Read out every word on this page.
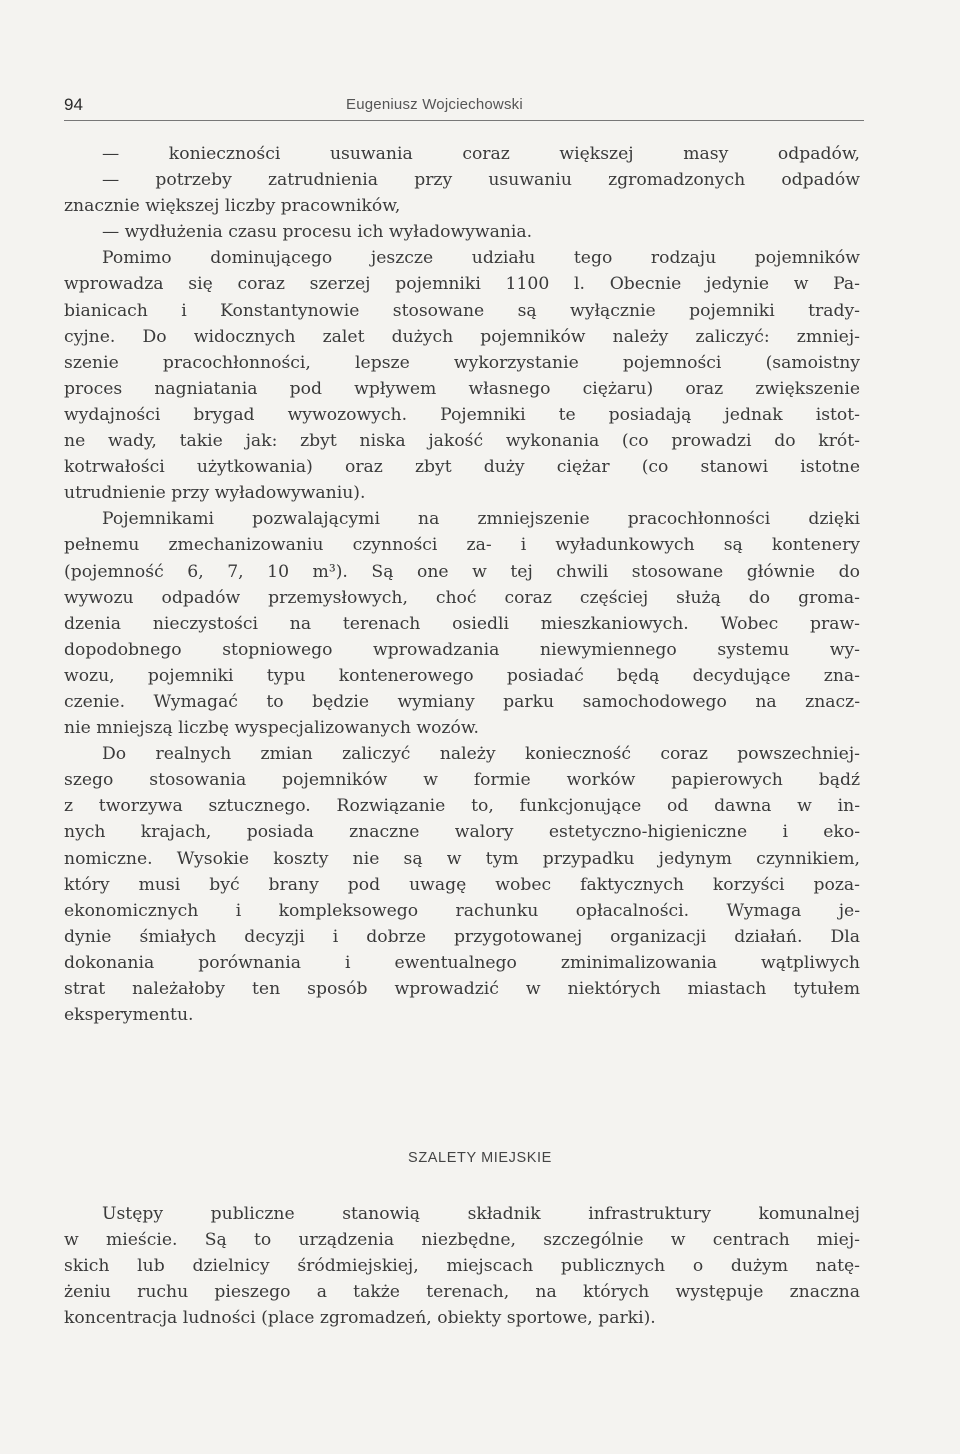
94	Eugeniusz Wojciechowski
— konieczności usuwania coraz większej masy odpadów,
— potrzeby zatrudnienia przy usuwaniu zgromadzonych odpadów
znacznie większej liczby pracowników,
— wydłużenia czasu procesu ich wyładowywania.
Pomimo dominującego jeszcze udziału tego rodzaju pojemników
wprowadza się coraz szerzej pojemniki 1100 l. Obecnie jedynie w Pa-
bianicach i Konstantynowie stosowane są wyłącznie pojemniki trady-
cyjne. Do widocznych zalet dużych pojemników należy zaliczyć: zmniej-
szenie pracochłonności, lepsze wykorzystanie pojemności (samoistny
proces nagniatania pod wpływem własnego ciężaru) oraz zwiększenie
wydajności brygad wywozowych. Pojemniki te posiadają jednak istot-
ne wady, takie jak: zbyt niska jakość wykonania (co prowadzi do krót-
kotrwałości użytkowania) oraz zbyt duży ciężar (co stanowi istotne
utrudnienie przy wyładowywaniu).
Pojemnikami pozwalającymi na zmniejszenie pracochłonności dzięki
pełnemu zmechanizowaniu czynności za- i wyładunkowych są kontenery
(pojemność 6, 7, 10 m³). Są one w tej chwili stosowane głównie do
wywozu odpadów przemysłowych, choć coraz częściej służą do groma-
dzenia nieczystości na terenach osiedli mieszkaniowych. Wobec praw-
dopodobnego stopniowego wprowadzania niewymiennego systemu wy-
wozu, pojemniki typu kontenerowego posiadać będą decydujące zna-
czenie. Wymagać to będzie wymiany parku samochodowego na znacz-
nie mniejszą liczbę wyspecjalizowanych wozów.
Do realnych zmian zaliczyć należy konieczność coraz powszechniej-
szego stosowania pojemników w formie worków papierowych bądź
z tworzywa sztucznego. Rozwiązanie to, funkcjonujące od dawna w in-
nych krajach, posiada znaczne walory estetyczno-higieniczne i eko-
nomiczne. Wysokie koszty nie są w tym przypadku jedynym czynnikiem,
który musi być brany pod uwagę wobec faktycznych korzyści poza-
ekonomicznych i kompleksowego rachunku opłacalności. Wymaga je-
dynie śmiałych decyzji i dobrze przygotowanej organizacji działań. Dla
dokonania porównania i ewentualnego zminimalizowania wątpliwych
strat należałoby ten sposób wprowadzić w niektórych miastach tytułem
eksperymentu.
SZALETY MIEJSKIE
Ustępy publiczne stanowią składnik infrastruktury komunalnej
w mieście. Są to urządzenia niezbędne, szczególnie w centrach miej-
skich lub dzielnicy śródmiejskiej, miejscach publicznych o dużym natę-
żeniu ruchu pieszego a także terenach, na których występuje znaczna
koncentracja ludności (place zgromadzeń, obiekty sportowe, parki).
